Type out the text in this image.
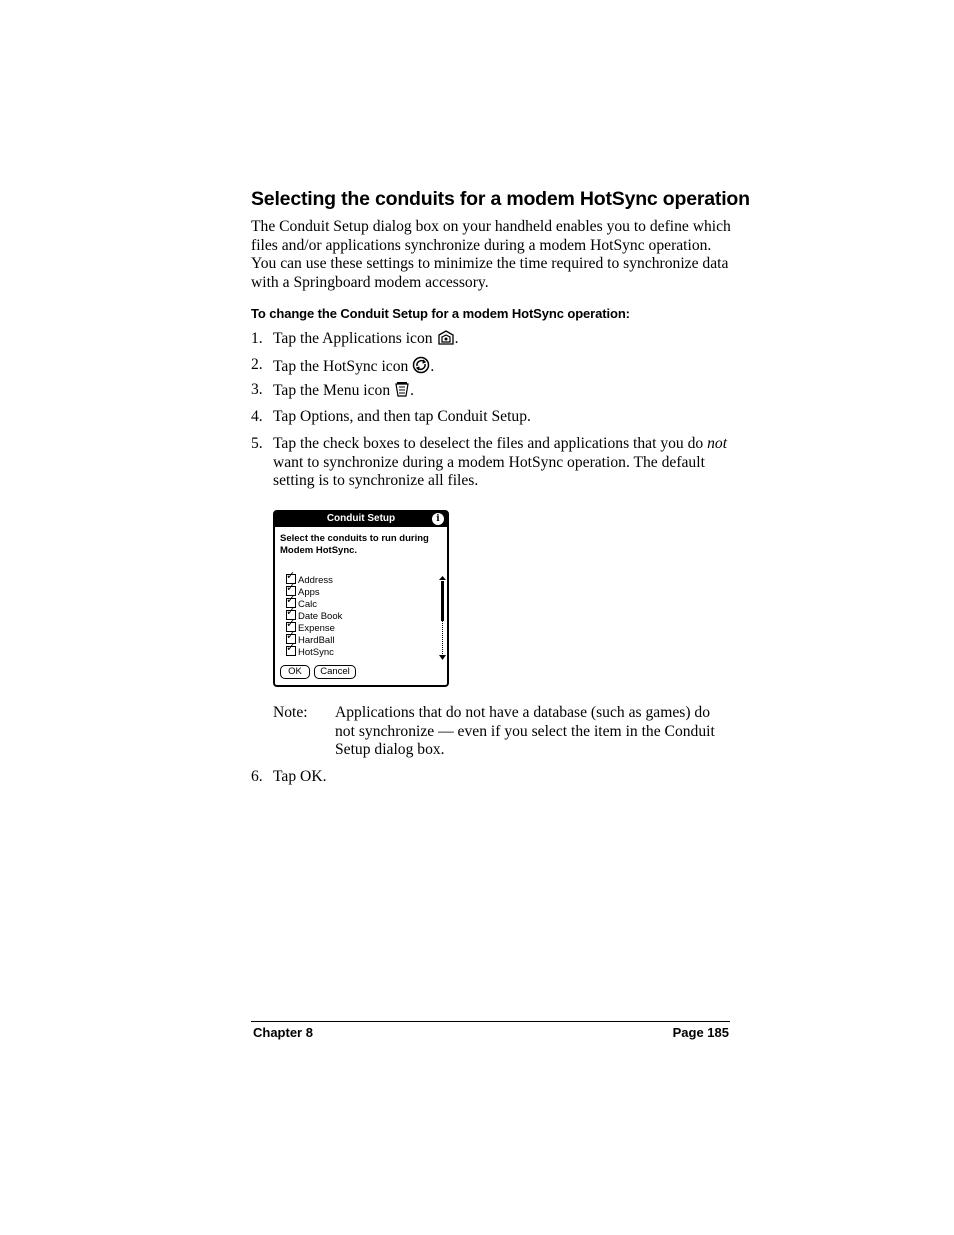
Selecting the conduits for a modem HotSync operation

The Conduit Setup dialog box on your handheld enables you to define which files and/or applications synchronize during a modem HotSync operation. You can use these settings to minimize the time required to synchronize data with a Springboard modem accessory.

To change the Conduit Setup for a modem HotSync operation:

1. Tap the Applications icon .
2. Tap the HotSync icon .
3. Tap the Menu icon .
4. Tap Options, and then tap Conduit Setup.
5. Tap the check boxes to deselect the files and applications that you do not want to synchronize during a modem HotSync operation. The default setting is to synchronize all files.
Conduit Setup	i
Select the conduits to run during Modem HotSync.
✓Address
✓Apps
✓Calc
✓Date Book
✓Expense
✓HardBall
✓HotSync
OK	Cancel
Note: Applications that do not have a database (such as games) do not synchronize — even if you select the item in the Conduit Setup dialog box.
6. Tap OK.
Chapter 8	Page 185
